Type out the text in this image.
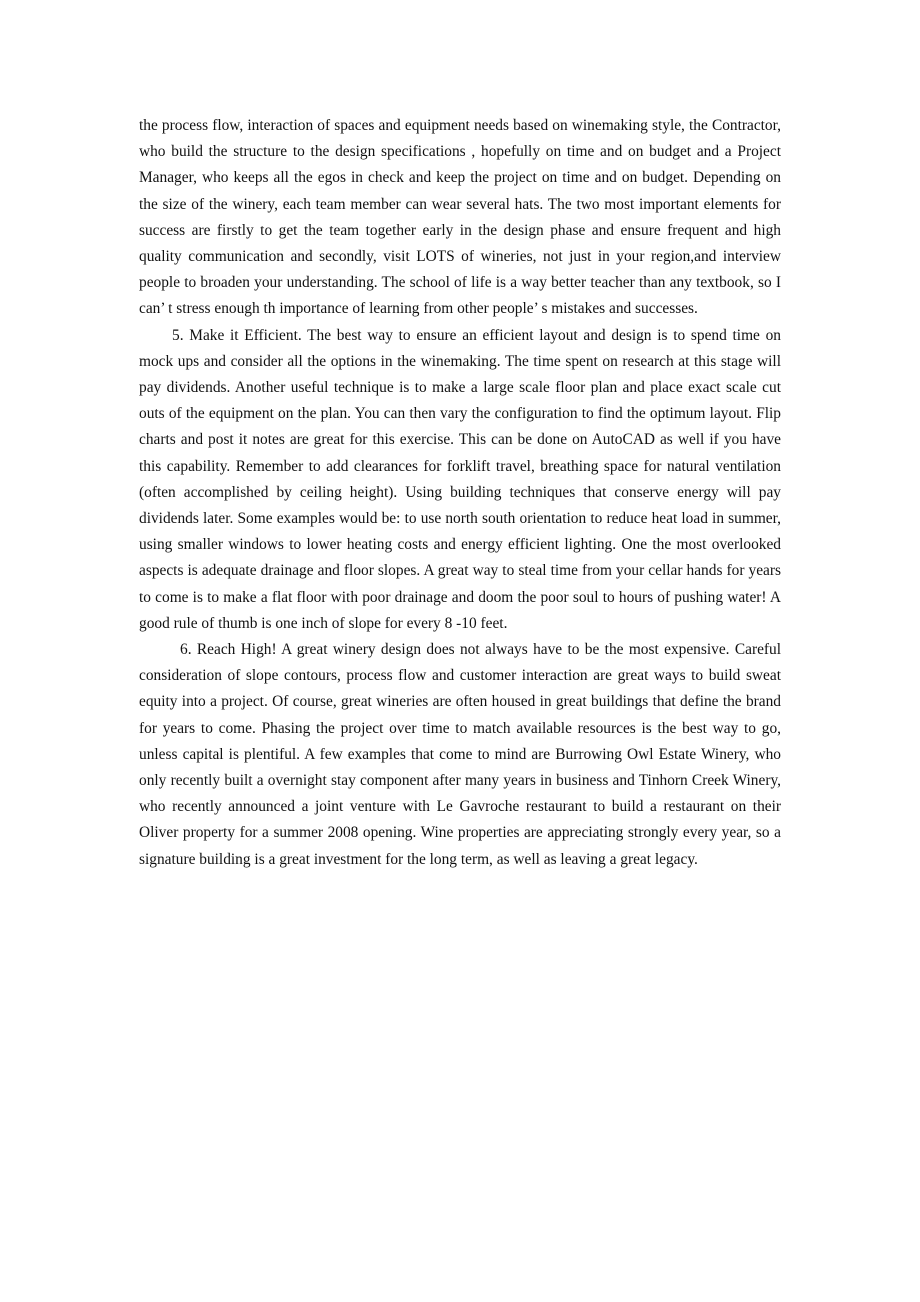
the process flow, interaction of spaces and equipment needs based on winemaking style, the Contractor, who build the structure to the design specifications , hopefully on time and on budget and a Project Manager, who keeps all the egos in check and keep the project on time and on budget. Depending on the size of the winery, each team member can wear several hats. The two most important elements for success are firstly to get the team together early in the design phase and ensure frequent and high quality communication and secondly, visit LOTS of wineries, not just in your region,and interview people to broaden your understanding. The school of life is a way better teacher than any textbook, so I can’ t stress enough th importance of learning from other people’ s mistakes and successes.

5. Make it Efficient. The best way to ensure an efficient layout and design is to spend time on mock ups and consider all the options in the winemaking. The time spent on research at this stage will pay dividends. Another useful technique is to make a large scale floor plan and place exact scale cut outs of the equipment on the plan. You can then vary the configuration to find the optimum layout. Flip charts and post it notes are great for this exercise. This can be done on AutoCAD as well if you have this capability. Remember to add clearances for forklift travel, breathing space for natural ventilation (often accomplished by ceiling height). Using building techniques that conserve energy will pay dividends later. Some examples would be: to use north south orientation to reduce heat load in summer, using smaller windows to lower heating costs and energy efficient lighting. One the most overlooked aspects is adequate drainage and floor slopes. A great way to steal time from your cellar hands for years to come is to make a flat floor with poor drainage and doom the poor soul to hours of pushing water! A good rule of thumb is one inch of slope for every 8 -10 feet.

6. Reach High! A great winery design does not always have to be the most expensive. Careful consideration of slope contours, process flow and customer interaction are great ways to build sweat equity into a project. Of course, great wineries are often housed in great buildings that define the brand for years to come. Phasing the project over time to match available resources is the best way to go, unless capital is plentiful. A few examples that come to mind are Burrowing Owl Estate Winery, who only recently built a overnight stay component after many years in business and Tinhorn Creek Winery, who recently announced a joint venture with Le Gavroche restaurant to build a restaurant on their Oliver property for a summer 2008 opening. Wine properties are appreciating strongly every year, so a signature building is a great investment for the long term, as well as leaving a great legacy.
